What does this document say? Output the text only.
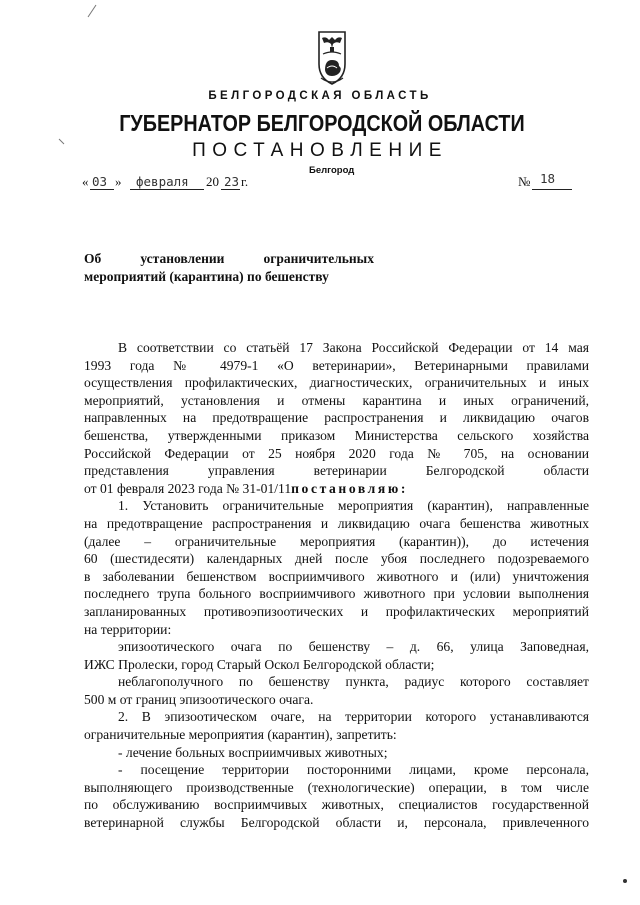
БЕЛГОРОДСКАЯ ОБЛАСТЬ
ГУБЕРНАТОР БЕЛГОРОДСКОЙ ОБЛАСТИ
ПОСТАНОВЛЕНИЕ
Белгород
« 03 » февраля 20 23 г.	№ 18
Об	установлении	ограничительных
мероприятий (карантина) по бешенству

В соответствии со статьёй 17 Закона Российской Федерации от 14 мая

1993 года № 4979-1 «О ветеринарии», Ветеринарными правилами

осуществления профилактических, диагностических, ограничительных и иных

мероприятий, установления и отмены карантина и иных ограничений,

направленных на предотвращение распространения и ликвидацию очагов

бешенства, утвержденными приказом Министерства сельского хозяйства

Российской Федерации от 25 ноября 2020 года № 705, на основании

представления управления ветеринарии Белгородской области

от 01 февраля 2023 года № 31-01/11постановляю:

1. Установить ограничительные мероприятия (карантин), направленные

на предотвращение распространения и ликвидацию очага бешенства животных

(далее – ограничительные мероприятия (карантин)), до истечения

60 (шестидесяти) календарных дней после убоя последнего подозреваемого

в заболевании бешенством восприимчивого животного и (или) уничтожения

последнего трупа больного восприимчивого животного при условии выполнения

запланированных противоэпизоотических и профилактических мероприятий

на территории:

эпизоотического очага по бешенству – д. 66, улица Заповедная,

ИЖС Пролески, город Старый Оскол Белгородской области;

неблагополучного по бешенству пункта, радиус которого составляет

500 м от границ эпизоотического очага.

2. В эпизоотическом очаге, на территории которого устанавливаются

ограничительные мероприятия (карантин), запретить:

- лечение больных восприимчивых животных;

- посещение территории посторонними лицами, кроме персонала,

выполняющего производственные (технологические) операции, в том числе

по обслуживанию восприимчивых животных, специалистов государственной

ветеринарной службы Белгородской области и, персонала, привлеченного
